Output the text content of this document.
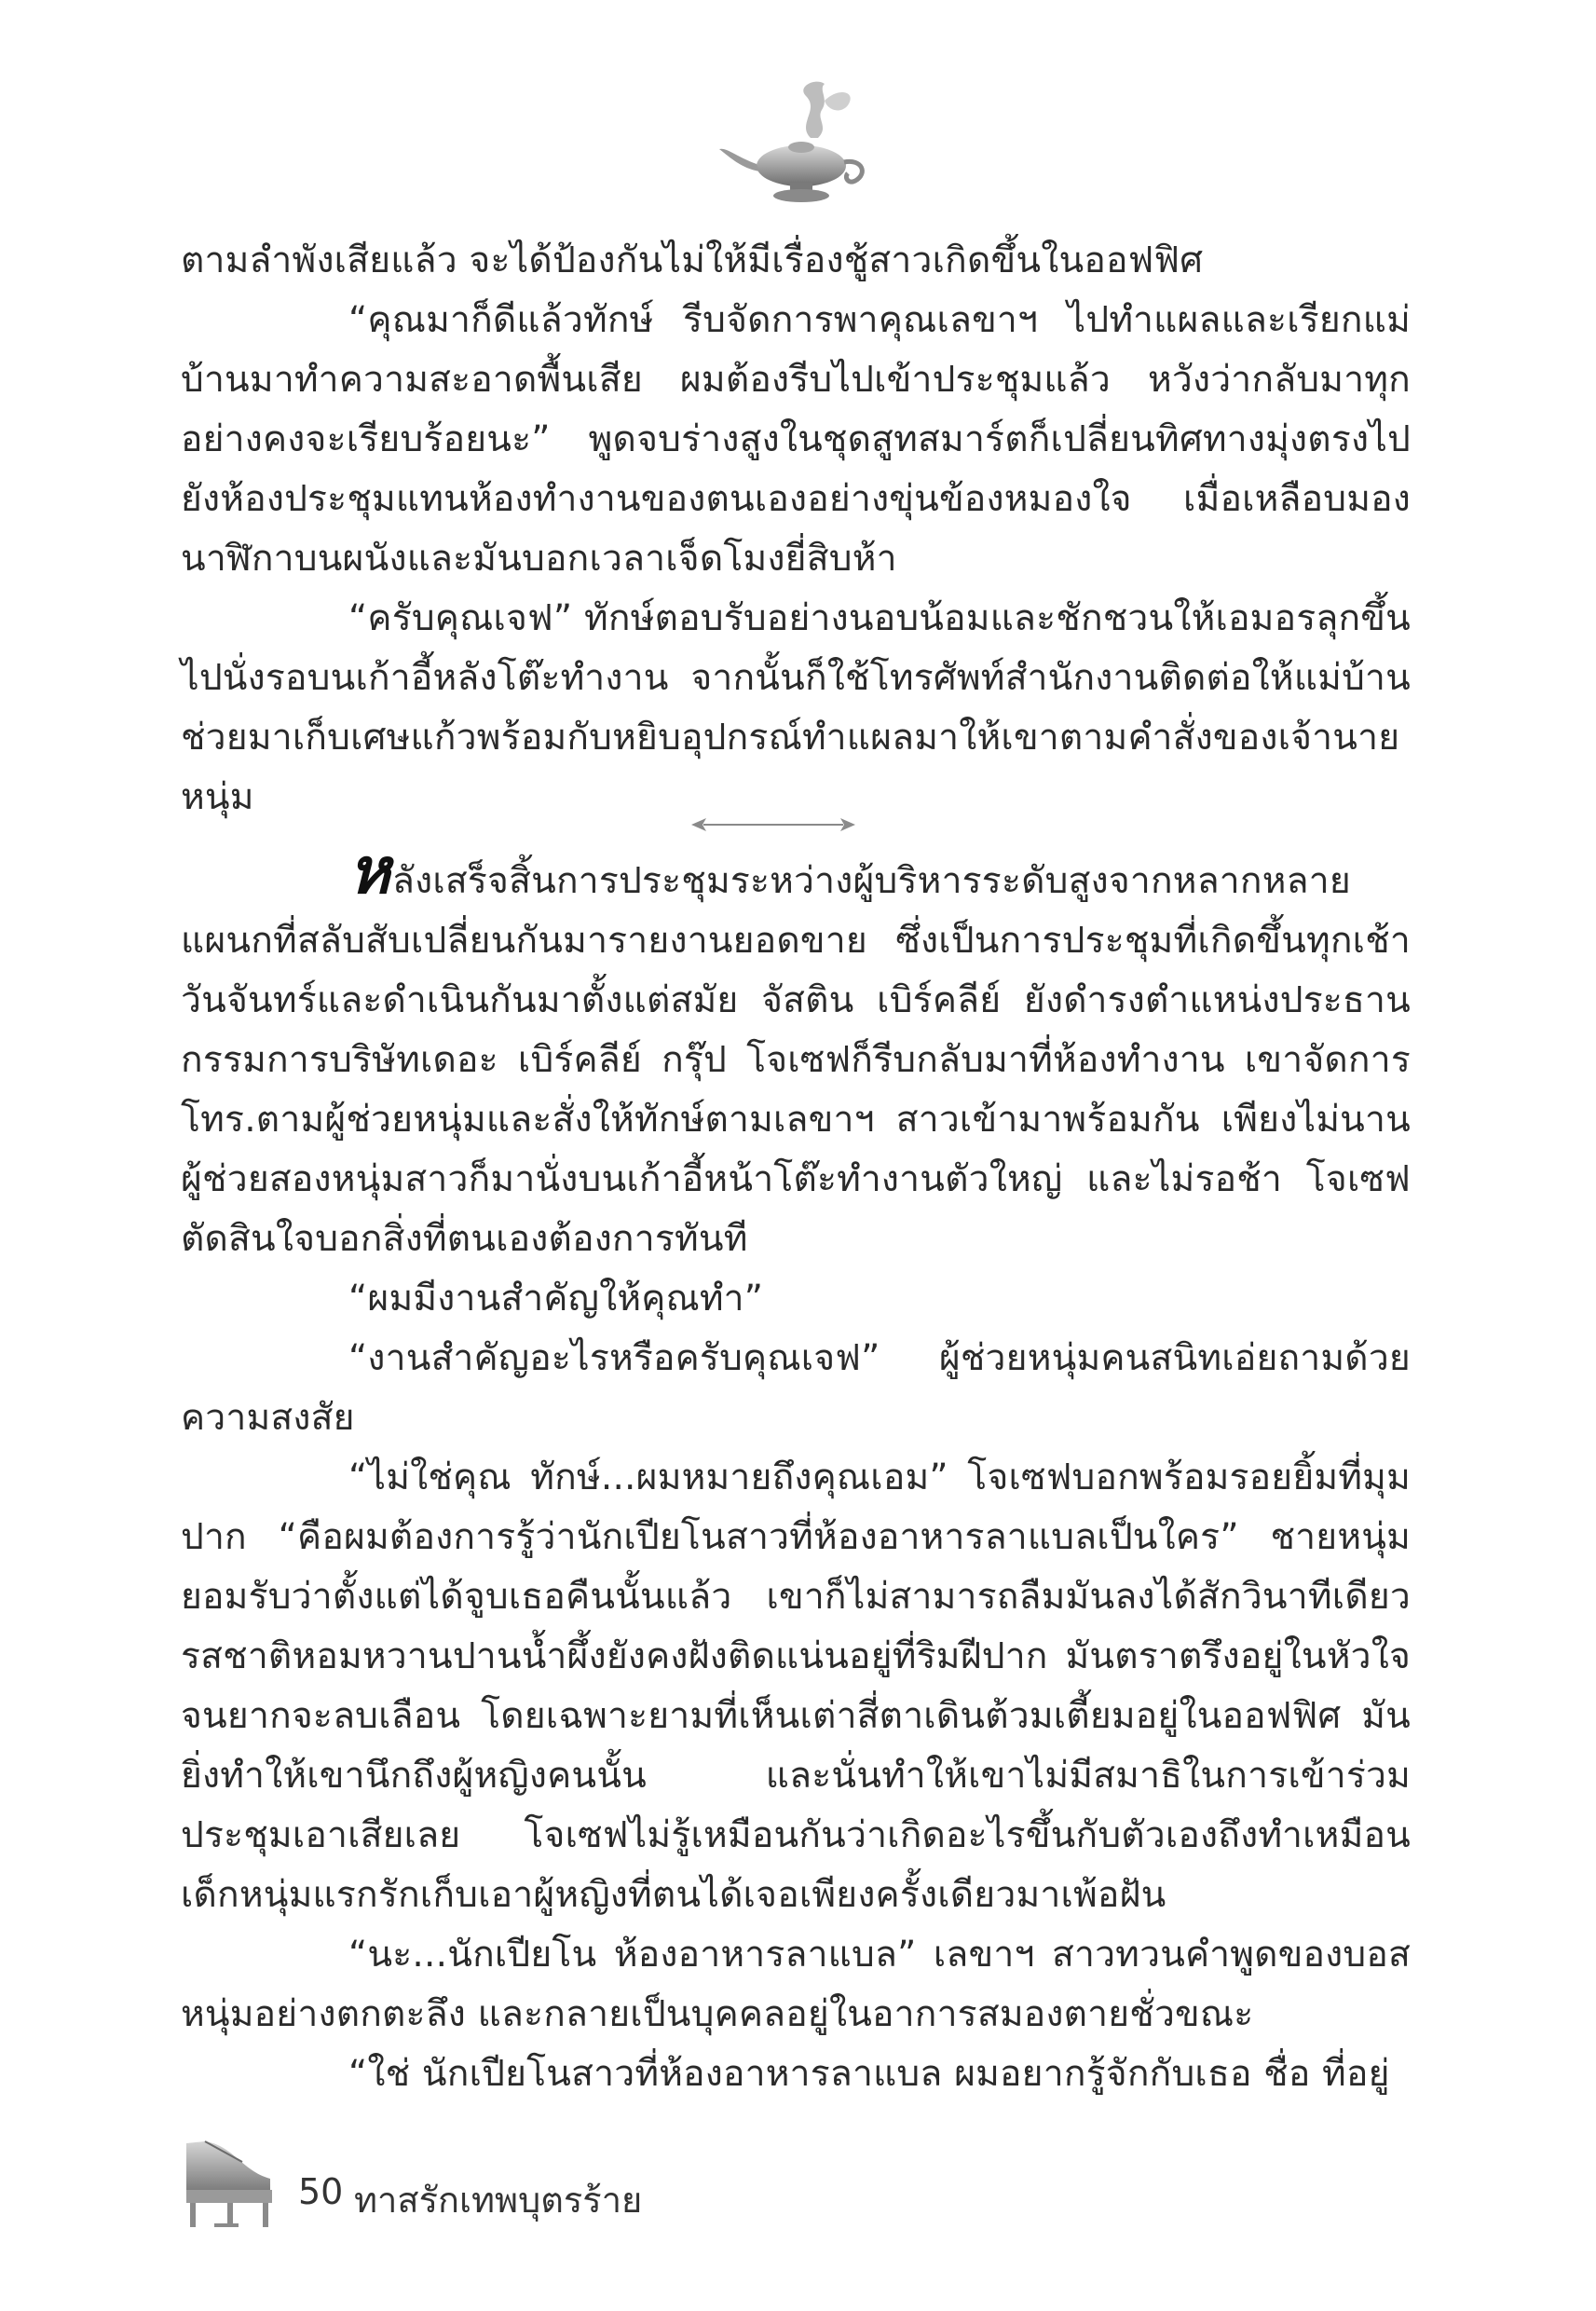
ตามลำพังเสียแล้ว จะได้ป้องกันไม่ให้มีเรื่องชู้สาวเกิดขึ้นในออฟฟิศ

“คุณมาก็ดีแล้วทักษ์ รีบจัดการพาคุณเลขาฯ ไปทำแผลและเรียกแม่บ้านมาทำความสะอาดพื้นเสีย ผมต้องรีบไปเข้าประชุมแล้ว หวังว่ากลับมาทุกอย่างคงจะเรียบร้อยนะ” พูดจบร่างสูงในชุดสูทสมาร์ตก็เปลี่ยนทิศทางมุ่งตรงไปยังห้องประชุมแทนห้องทำงานของตนเองอย่างขุ่นข้องหมองใจ เมื่อเหลือบมองนาฬิกาบนผนังและมันบอกเวลาเจ็ดโมงยี่สิบห้า

“ครับคุณเจฟ” ทักษ์ตอบรับอย่างนอบน้อมและชักชวนให้เอมอรลุกขึ้นไปนั่งรอบนเก้าอี้หลังโต๊ะทำงาน จากนั้นก็ใช้โทรศัพท์สำนักงานติดต่อให้แม่บ้านช่วยมาเก็บเศษแก้วพร้อมกับหยิบอุปกรณ์ทำแผลมาให้เขาตามคำสั่งของเจ้านายหนุ่ม

หลังเสร็จสิ้นการประชุมระหว่างผู้บริหารระดับสูงจากหลากหลายแผนกที่สลับสับเปลี่ยนกันมารายงานยอดขาย ซึ่งเป็นการประชุมที่เกิดขึ้นทุกเช้าวันจันทร์และดำเนินกันมาตั้งแต่สมัย จัสติน เบิร์คลีย์ ยังดำรงตำแหน่งประธานกรรมการบริษัทเดอะ เบิร์คลีย์ กรุ๊ป โจเซฟก็รีบกลับมาที่ห้องทำงาน เขาจัดการโทร.ตามผู้ช่วยหนุ่มและสั่งให้ทักษ์ตามเลขาฯ สาวเข้ามาพร้อมกัน เพียงไม่นานผู้ช่วยสองหนุ่มสาวก็มานั่งบนเก้าอี้หน้าโต๊ะทำงานตัวใหญ่ และไม่รอช้า โจเซฟตัดสินใจบอกสิ่งที่ตนเองต้องการทันที

“ผมมีงานสำคัญให้คุณทำ”

“งานสำคัญอะไรหรือครับคุณเจฟ” ผู้ช่วยหนุ่มคนสนิทเอ่ยถามด้วยความสงสัย

“ไม่ใช่คุณ ทักษ์...ผมหมายถึงคุณเอม” โจเซฟบอกพร้อมรอยยิ้มที่มุมปาก “คือผมต้องการรู้ว่านักเปียโนสาวที่ห้องอาหารลาแบลเป็นใคร” ชายหนุ่มยอมรับว่าตั้งแต่ได้จูบเธอคืนนั้นแล้ว เขาก็ไม่สามารถลืมมันลงได้สักวินาทีเดียว รสชาติหอมหวานปานน้ำผึ้งยังคงฝังติดแน่นอยู่ที่ริมฝีปาก มันตราตรึงอยู่ในหัวใจจนยากจะลบเลือน โดยเฉพาะยามที่เห็นเต่าสี่ตาเดินต้วมเตี้ยมอยู่ในออฟฟิศ มันยิ่งทำให้เขานึกถึงผู้หญิงคนนั้น และนั่นทำให้เขาไม่มีสมาธิในการเข้าร่วมประชุมเอาเสียเลย โจเซฟไม่รู้เหมือนกันว่าเกิดอะไรขึ้นกับตัวเองถึงทำเหมือนเด็กหนุ่มแรกรักเก็บเอาผู้หญิงที่ตนได้เจอเพียงครั้งเดียวมาเพ้อฝัน

“นะ...นักเปียโน ห้องอาหารลาแบล” เลขาฯ สาวทวนคำพูดของบอสหนุ่มอย่างตกตะลึง และกลายเป็นบุคคลอยู่ในอาการสมองตายชั่วขณะ

“ใช่ นักเปียโนสาวที่ห้องอาหารลาแบล ผมอยากรู้จักกับเธอ ชื่อ ที่อยู่

50 ทาสรักเทพบุตรร้าย
